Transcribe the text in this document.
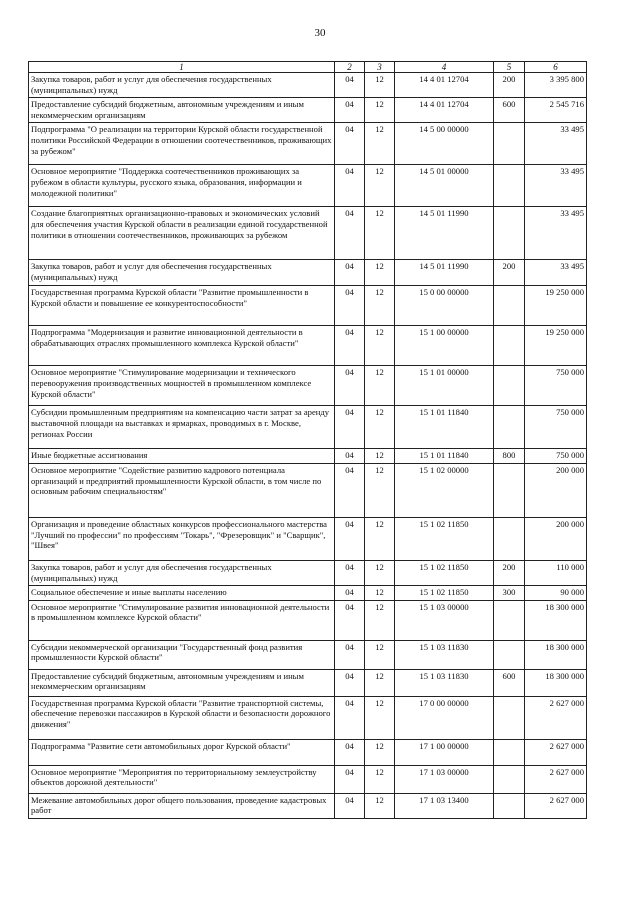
30
1	2	3	4	5	6
Закупка товаров, работ и услуг для обеспечения государственных (муниципальных) нужд	04	12	14 4 01 12704	200	3 395 800
Предоставление субсидий бюджетным, автономным учреждениям и иным некоммерческим организациям	04	12	14 4 01 12704	600	2 545 716
Подпрограмма "О реализации на территории Курской области государственной политики Российской Федерации в отношении соотечественников, проживающих за рубежом"	04	12	14 5 00 00000		33 495
Основное мероприятие "Поддержка соотечественников проживающих за рубежом в области культуры, русского языка, образования, информации и молодежной политики"	04	12	14 5 01 00000		33 495
Создание благоприятных организационно-правовых и экономических условий для обеспечения участия Курской области в реализации единой государственной политики в отношении соотечественников, проживающих за рубежом	04	12	14 5 01 11990		33 495
Закупка товаров, работ и услуг для обеспечения государственных (муниципальных) нужд	04	12	14 5 01 11990	200	33 495
Государственная программа Курской области "Развитие промышленности в Курской области и повышение ее конкурентоспособности"	04	12	15 0 00 00000		19 250 000
Подпрограмма "Модернизация и развитие инновационной деятельности в обрабатывающих отраслях промышленного комплекса Курской области"	04	12	15 1 00 00000		19 250 000
Основное мероприятие "Стимулирование модернизации и технического перевооружения производственных мощностей в промышленном комплексе Курской области"	04	12	15 1 01 00000		750 000
Субсидии промышленным предприятиям на компенсацию части затрат за аренду выставочной площади на выставках и ярмарках, проводимых в г. Москве, регионах России	04	12	15 1 01 11840		750 000
Иные бюджетные ассигнования	04	12	15 1 01 11840	800	750 000
Основное мероприятие "Содействие развитию кадрового потенциала организаций и предприятий промышленности Курской области, в том числе по основным рабочим специальностям"	04	12	15 1 02 00000		200 000
Организация и проведение областных конкурсов профессионального мастерства "Лучший по профессии" по профессиям "Токарь", "Фрезеровщик" и "Сварщик", "Швея"	04	12	15 1 02 11850		200 000
Закупка товаров, работ и услуг для обеспечения государственных (муниципальных) нужд	04	12	15 1 02 11850	200	110 000
Социальное обеспечение и иные выплаты населению	04	12	15 1 02 11850	300	90 000
Основное мероприятие "Стимулирование развития инновационной деятельности в промышленном комплексе Курской области"	04	12	15 1 03 00000		18 300 000
Субсидии некоммерческой организации "Государственный фонд развития промышленности Курской области"	04	12	15 1 03 11830		18 300 000
Предоставление субсидий бюджетным, автономным учреждениям и иным некоммерческим организациям	04	12	15 1 03 11830	600	18 300 000
Государственная программа Курской области "Развитие транспортной системы, обеспечение перевозки пассажиров в Курской области и безопасности дорожного движения"	04	12	17 0 00 00000		2 627 000
Подпрограмма "Развитие сети автомобильных дорог Курской области"	04	12	17 1 00 00000		2 627 000
Основное мероприятие "Мероприятия по территориальному землеустройству объектов дорожной деятельности"	04	12	17 1 03 00000		2 627 000
Межевание автомобильных дорог общего пользования, проведение кадастровых работ	04	12	17 1 03 13400		2 627 000
